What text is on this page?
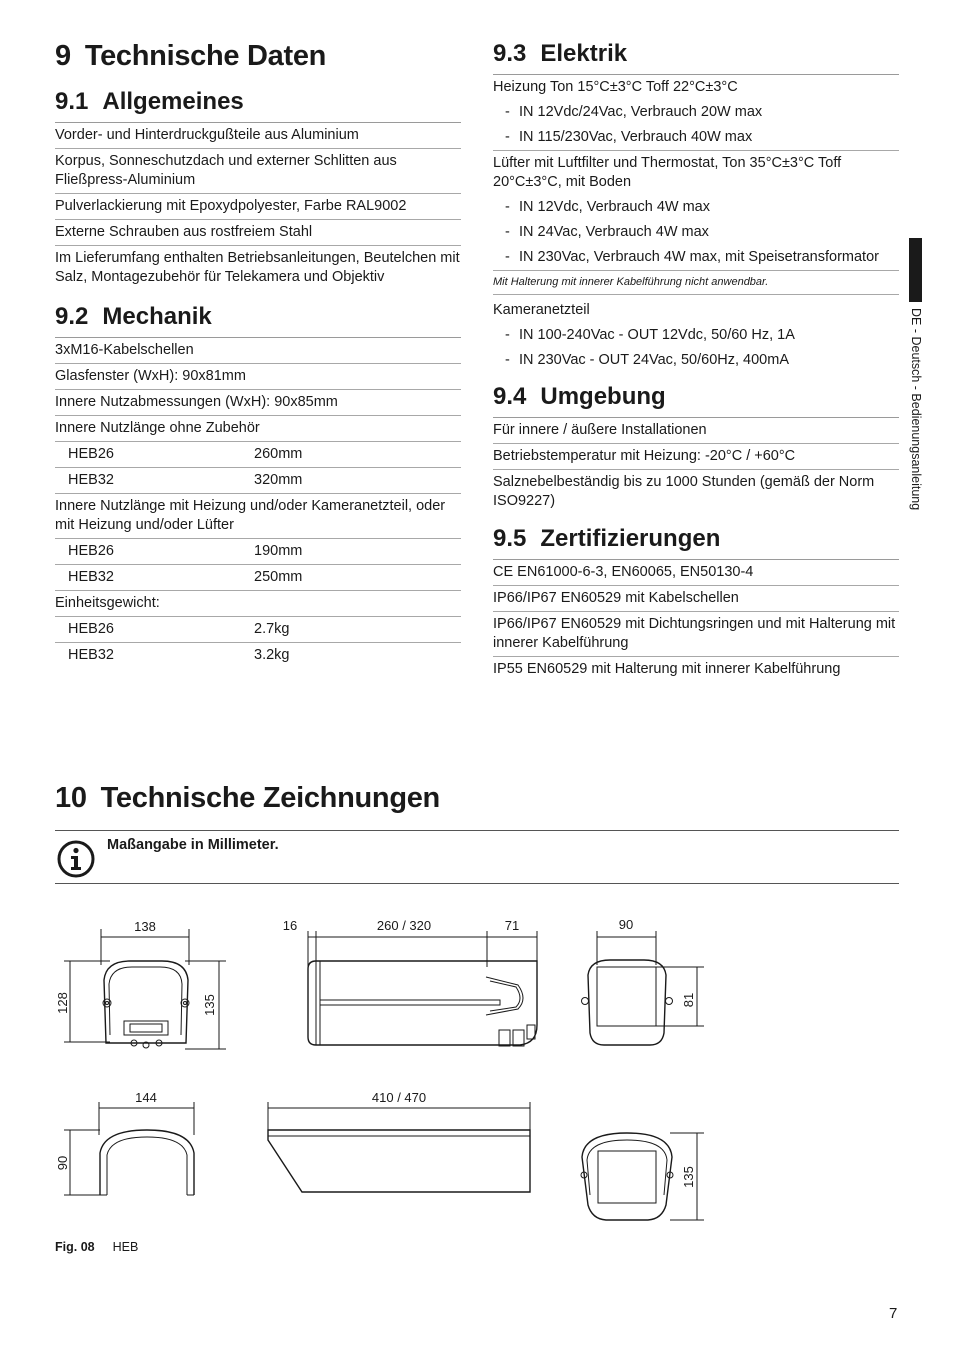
9 Technische Daten
9.1 Allgemeines
Vorder- und Hinterdruckgußteile aus Aluminium
Korpus, Sonneschutzdach und externer Schlitten aus Fließpress-Aluminium
Pulverlackierung mit Epoxydpolyester, Farbe RAL9002
Externe Schrauben aus rostfreiem Stahl
Im Lieferumfang enthalten Betriebsanleitungen, Beutelchen mit Salz, Montagezubehör für Telekamera und Objektiv
9.2 Mechanik
3xM16-Kabelschellen
Glasfenster (WxH): 90x81mm
Innere Nutzabmessungen (WxH): 90x85mm
Innere Nutzlänge ohne Zubehör
HEB26	260mm
HEB32	320mm
Innere Nutzlänge mit Heizung und/oder Kameranetzteil, oder mit Heizung und/oder Lüfter
HEB26	190mm
HEB32	250mm
Einheitsgewicht:
HEB26	2.7kg
HEB32	3.2kg
9.3 Elektrik
Heizung Ton 15°C±3°C Toff 22°C±3°C
- IN 12Vdc/24Vac, Verbrauch 20W max
- IN 115/230Vac, Verbrauch 40W max
Lüfter mit Luftfilter und Thermostat, Ton 35°C±3°C Toff 20°C±3°C, mit Boden
- IN 12Vdc, Verbrauch 4W max
- IN 24Vac, Verbrauch 4W max
- IN 230Vac, Verbrauch 4W max, mit Speisetransformator
Mit Halterung mit innerer Kabelführung nicht anwendbar.
Kameranetzteil
- IN 100-240Vac - OUT 12Vdc, 50/60 Hz, 1A
- IN 230Vac - OUT 24Vac, 50/60Hz, 400mA
9.4 Umgebung
Für innere / äußere Installationen
Betriebstemperatur mit Heizung: -20°C / +60°C
Salznebelbeständig bis zu 1000 Stunden (gemäß der Norm ISO9227)
9.5 Zertifizierungen
CE EN61000-6-3, EN60065, EN50130-4
IP66/IP67 EN60529 mit Kabelschellen
IP66/IP67 EN60529 mit Dichtungsringen und mit Halterung mit innerer Kabelführung
IP55 EN60529 mit Halterung mit innerer Kabelführung
DE - Deutsch - Bedienungsanleitung
10 Technische Zeichnungen
Maßangabe in Millimeter.
138
128	135
16	260 / 320	71	90
81
144
90
410 / 470
135
Fig. 08 HEB
7
